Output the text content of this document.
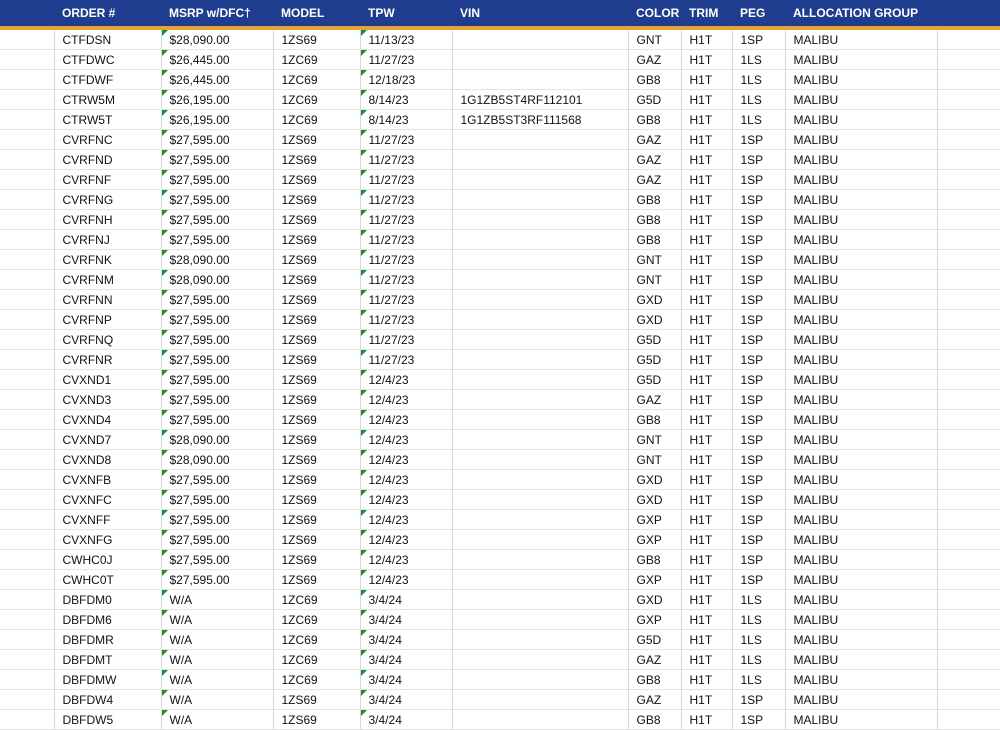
	ORDER #	MSRP w/DFC†	MODEL	TPW	VIN	COLOR	TRIM	PEG	ALLOCATION GROUP	

	CTFDSN	$28,090.00	1ZS69	11/13/23		GNT	H1T	1SP	MALIBU	
	CTFDWC	$26,445.00	1ZC69	11/27/23		GAZ	H1T	1LS	MALIBU	
	CTFDWF	$26,445.00	1ZC69	12/18/23		GB8	H1T	1LS	MALIBU	
	CTRW5M	$26,195.00	1ZC69	8/14/23	1G1ZB5ST4RF112101	G5D	H1T	1LS	MALIBU	
	CTRW5T	$26,195.00	1ZC69	8/14/23	1G1ZB5ST3RF111568	GB8	H1T	1LS	MALIBU	
	CVRFNC	$27,595.00	1ZS69	11/27/23		GAZ	H1T	1SP	MALIBU	
	CVRFND	$27,595.00	1ZS69	11/27/23		GAZ	H1T	1SP	MALIBU	
	CVRFNF	$27,595.00	1ZS69	11/27/23		GAZ	H1T	1SP	MALIBU	
	CVRFNG	$27,595.00	1ZS69	11/27/23		GB8	H1T	1SP	MALIBU	
	CVRFNH	$27,595.00	1ZS69	11/27/23		GB8	H1T	1SP	MALIBU	
	CVRFNJ	$27,595.00	1ZS69	11/27/23		GB8	H1T	1SP	MALIBU	
	CVRFNK	$28,090.00	1ZS69	11/27/23		GNT	H1T	1SP	MALIBU	
	CVRFNM	$28,090.00	1ZS69	11/27/23		GNT	H1T	1SP	MALIBU	
	CVRFNN	$27,595.00	1ZS69	11/27/23		GXD	H1T	1SP	MALIBU	
	CVRFNP	$27,595.00	1ZS69	11/27/23		GXD	H1T	1SP	MALIBU	
	CVRFNQ	$27,595.00	1ZS69	11/27/23		G5D	H1T	1SP	MALIBU	
	CVRFNR	$27,595.00	1ZS69	11/27/23		G5D	H1T	1SP	MALIBU	
	CVXND1	$27,595.00	1ZS69	12/4/23		G5D	H1T	1SP	MALIBU	
	CVXND3	$27,595.00	1ZS69	12/4/23		GAZ	H1T	1SP	MALIBU	
	CVXND4	$27,595.00	1ZS69	12/4/23		GB8	H1T	1SP	MALIBU	
	CVXND7	$28,090.00	1ZS69	12/4/23		GNT	H1T	1SP	MALIBU	
	CVXND8	$28,090.00	1ZS69	12/4/23		GNT	H1T	1SP	MALIBU	
	CVXNFB	$27,595.00	1ZS69	12/4/23		GXD	H1T	1SP	MALIBU	
	CVXNFC	$27,595.00	1ZS69	12/4/23		GXD	H1T	1SP	MALIBU	
	CVXNFF	$27,595.00	1ZS69	12/4/23		GXP	H1T	1SP	MALIBU	
	CVXNFG	$27,595.00	1ZS69	12/4/23		GXP	H1T	1SP	MALIBU	
	CWHC0J	$27,595.00	1ZS69	12/4/23		GB8	H1T	1SP	MALIBU	
	CWHC0T	$27,595.00	1ZS69	12/4/23		GXP	H1T	1SP	MALIBU	
	DBFDM0	W/A	1ZC69	3/4/24		GXD	H1T	1LS	MALIBU	
	DBFDM6	W/A	1ZC69	3/4/24		GXP	H1T	1LS	MALIBU	
	DBFDMR	W/A	1ZC69	3/4/24		G5D	H1T	1LS	MALIBU	
	DBFDMT	W/A	1ZC69	3/4/24		GAZ	H1T	1LS	MALIBU	
	DBFDMW	W/A	1ZC69	3/4/24		GB8	H1T	1LS	MALIBU	
	DBFDW4	W/A	1ZS69	3/4/24		GAZ	H1T	1SP	MALIBU	
	DBFDW5	W/A	1ZS69	3/4/24		GB8	H1T	1SP	MALIBU	
